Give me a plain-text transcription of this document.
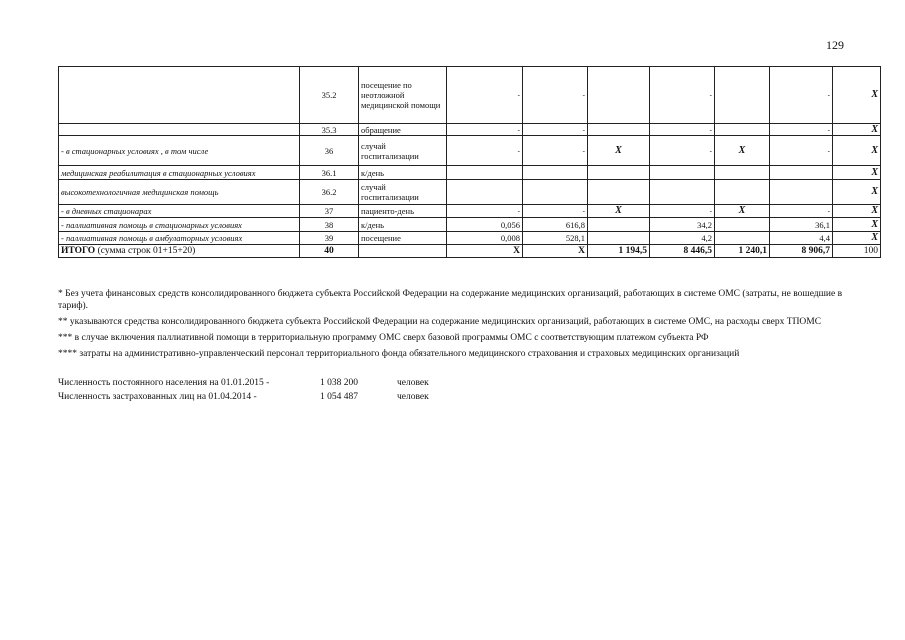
129
	35.2	посещение по неотложной медицинской помощи	-	-		-		-	X
	35.3	обращение	-	-		-		-	X
- в стационарных условиях , в том числе	36	случай госпитализации	-	-	X	-	X	-	X
медицинская реабилитация в стационарных условиях	36.1	к/день							X
высокотехнологичная медицинская помощь	36.2	случай госпитализации							X
- в дневных стационарах	37	пациенто-день	-	-	X	-	X	-	X
- паллиативная помощь в стационарных условиях	38	к/день	0,056	616,8		34,2		36,1	X
- паллиативная помощь в амбулаторных условиях	39	посещение	0,008	528,1		4,2		4,4	X
ИТОГО (сумма строк 01+15+20)	40		X	X	1 194,5	8 446,5	1 240,1	8 906,7	100

* Без учета финансовых средств консолидированного бюджета субъекта Российской Федерации на содержание медицинских организаций, работающих в системе ОМС (затраты, не вошедшие в тариф).

** указываются средства консолидированного бюджета субъекта Российской Федерации на содержание медицинских организаций, работающих в системе ОМС, на расходы сверх ТПОМС

*** в случае включения паллиативной помощи в территориальную программу ОМС сверх базовой программы ОМС с соответствующим платежом субъекта РФ

**** затраты на административно-управленческий персонал территориального фонда обязательного медицинского страхования и страховых медицинских организаций

Численность постоянного населения на 01.01.2015 -	1 038 200	человек
Численность застрахованных лиц на 01.04.2014 -	1 054 487	человек
